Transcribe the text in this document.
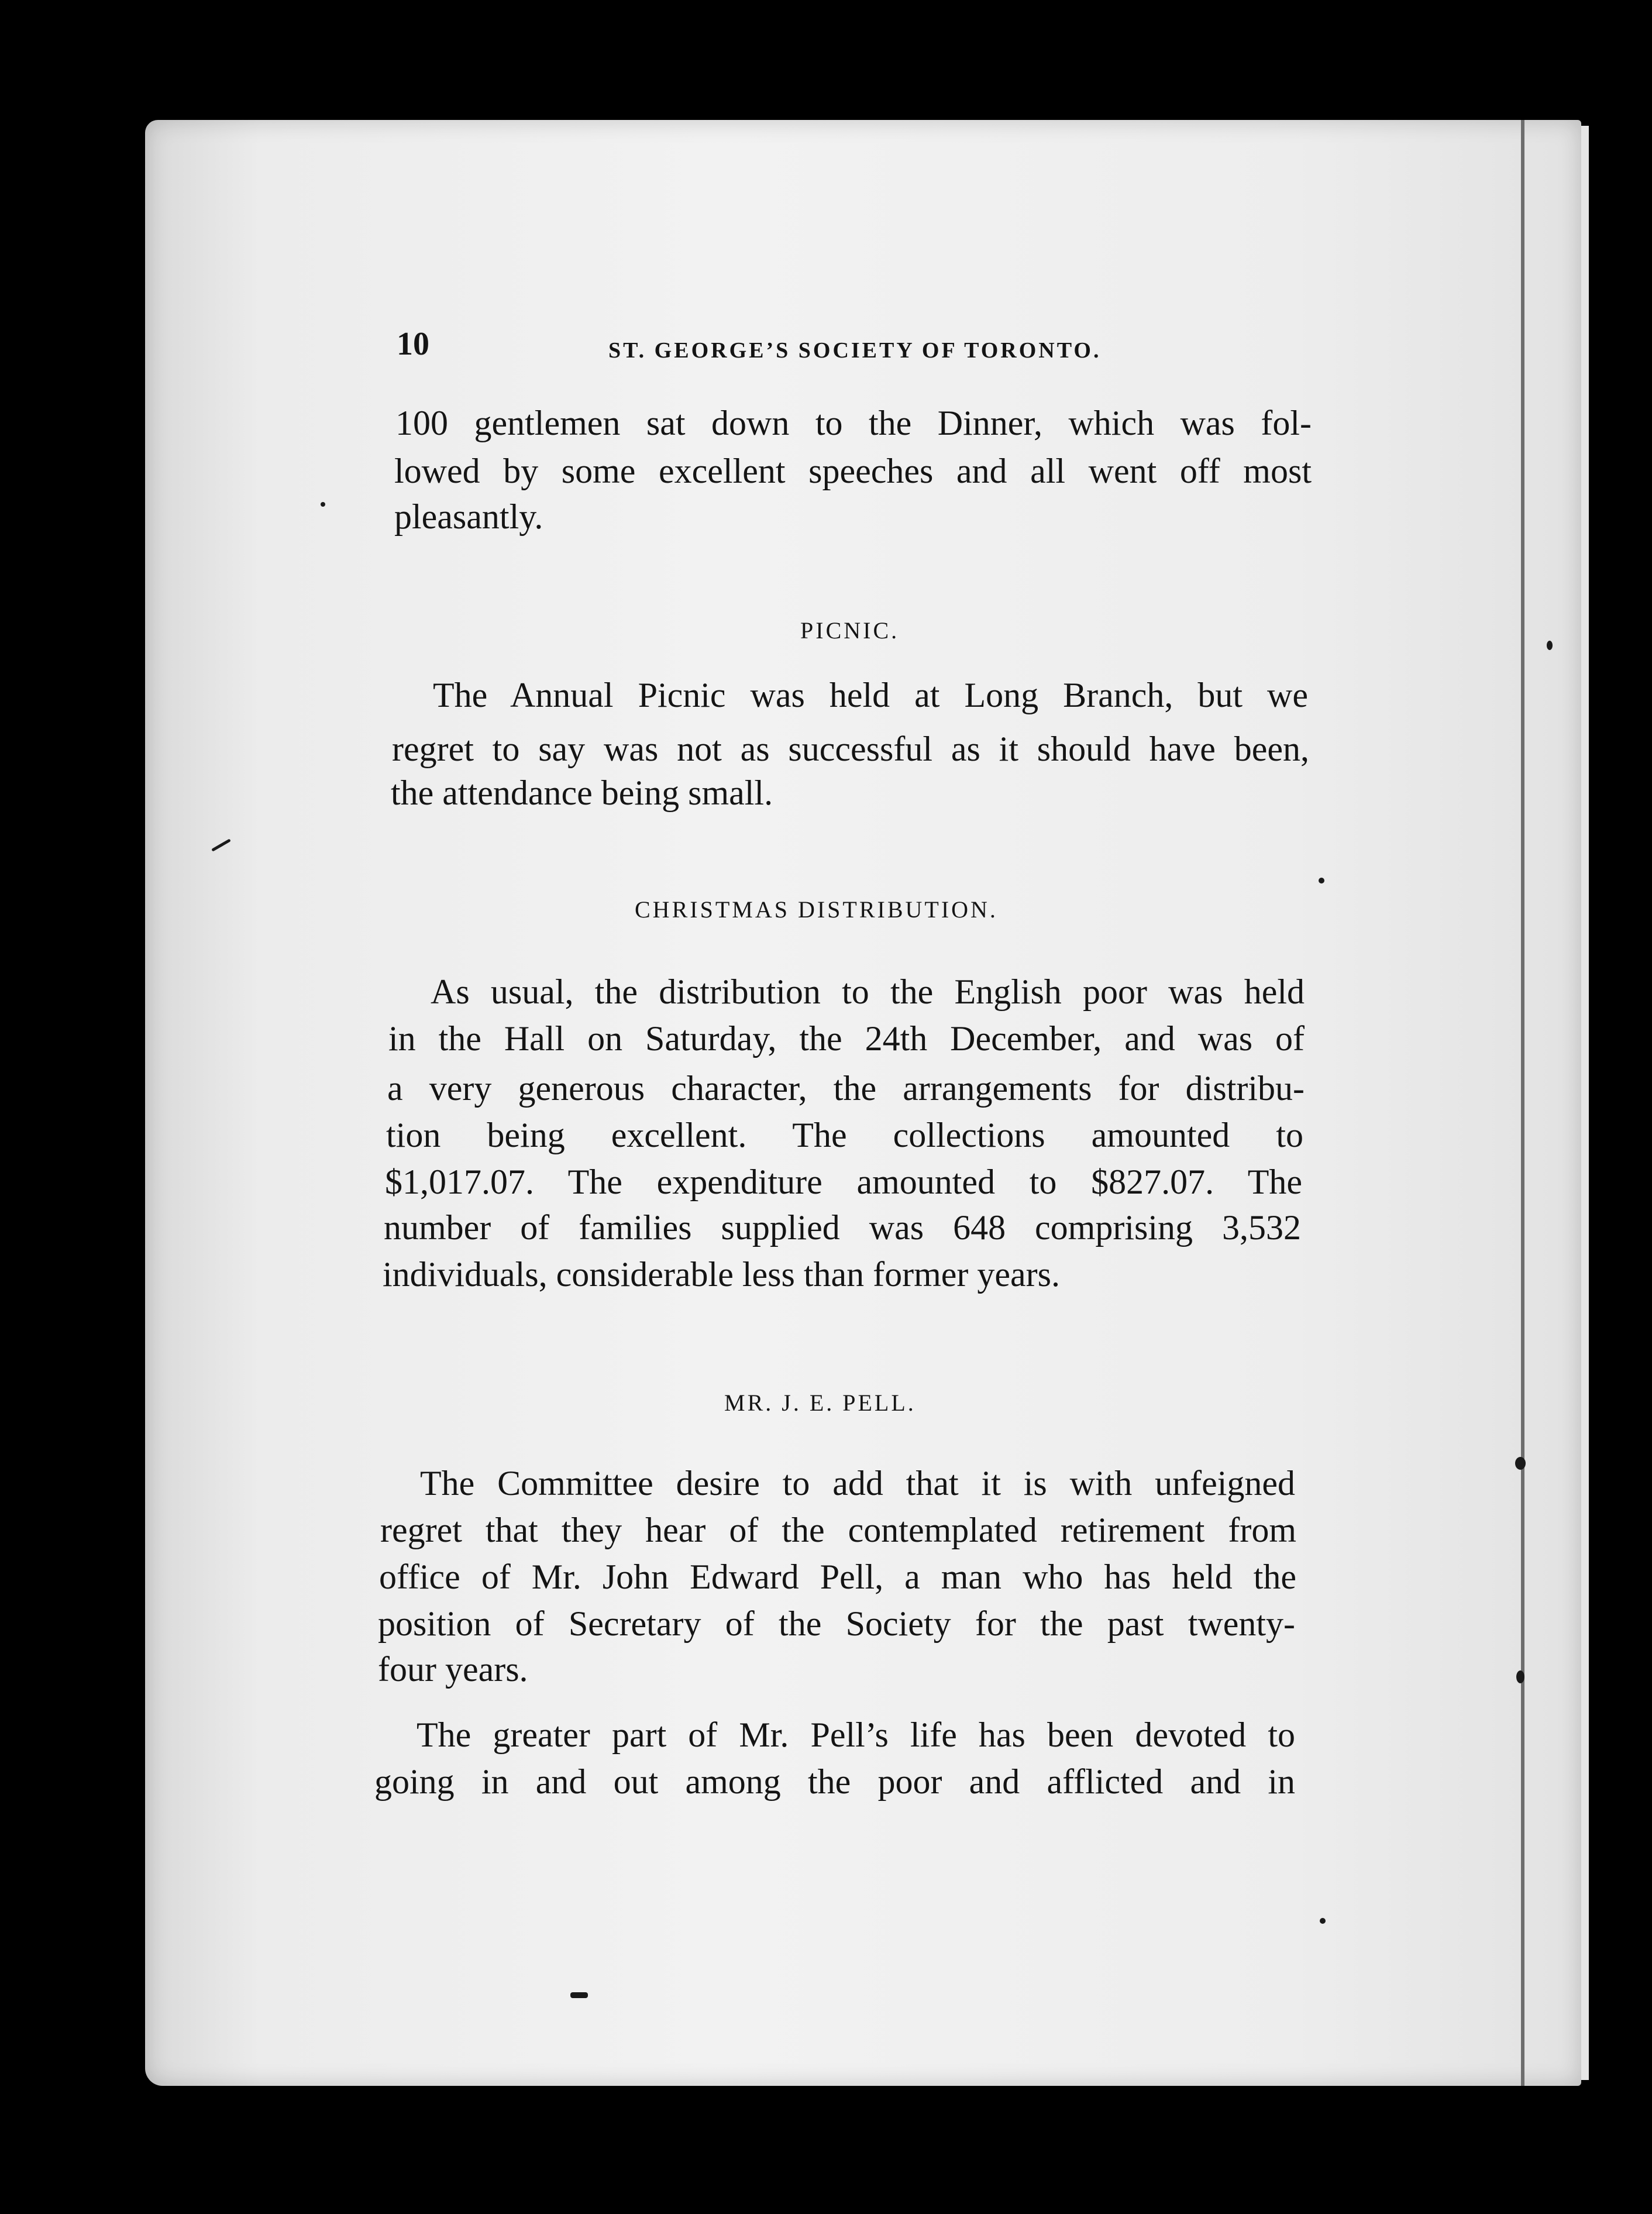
10	ST. GEORGE’S SOCIETY OF TORONTO.
100 gentlemen sat down to the Dinner, which was fol-
lowed by some excellent speeches and all went off most
pleasantly.
PICNIC.
The Annual Picnic was held at Long Branch, but we
regret to say was not as successful as it should have been,
the attendance being small.
CHRISTMAS DISTRIBUTION.
As usual, the distribution to the English poor was held
in the Hall on Saturday, the 24th December, and was of
a very generous character, the arrangements for distribu-
tion being excellent. The collections amounted to
$1,017.07. The expenditure amounted to $827.07. The
number of families supplied was 648 comprising 3,532
individuals, considerable less than former years.
MR. J. E. PELL.
The Committee desire to add that it is with unfeigned
regret that they hear of the contemplated retirement from
office of Mr. John Edward Pell, a man who has held the
position of Secretary of the Society for the past twenty-
four years.
The greater part of Mr. Pell’s life has been devoted to
going in and out among the poor and afflicted and in
